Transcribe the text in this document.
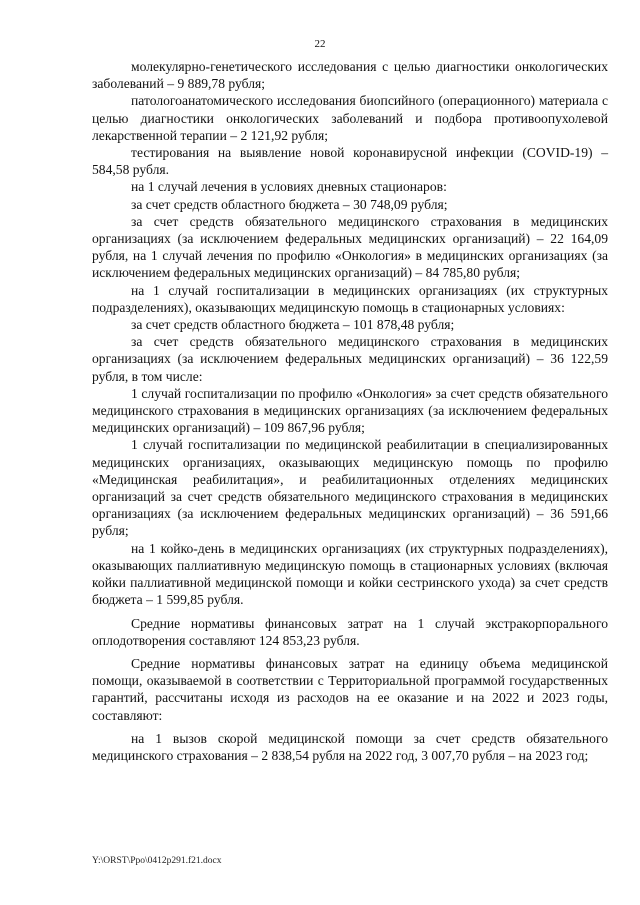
22

молекулярно-генетического исследования с целью диагностики онкологических заболеваний – 9 889,78 рубля;

патологоанатомического исследования биопсийного (операционного) материала с целью диагностики онкологических заболеваний и подбора противоопухолевой лекарственной терапии – 2 121,92 рубля;

тестирования на выявление новой коронавирусной инфекции (COVID-19) – 584,58 рубля.

на 1 случай лечения в условиях дневных стационаров:

за счет средств областного бюджета – 30 748,09 рубля;

за счет средств обязательного медицинского страхования в медицинских организациях (за исключением федеральных медицинских организаций) – 22 164,09 рубля, на 1 случай лечения по профилю «Онкология» в медицинских организациях (за исключением федеральных медицинских организаций) – 84 785,80 рубля;

на 1 случай госпитализации в медицинских организациях (их структурных подразделениях), оказывающих медицинскую помощь в стационарных условиях:

за счет средств областного бюджета – 101 878,48 рубля;

за счет средств обязательного медицинского страхования в медицинских организациях (за исключением федеральных медицинских организаций) – 36 122,59 рубля, в том числе:

1 случай госпитализации по профилю «Онкология» за счет средств обязательного медицинского страхования в медицинских организациях (за исключением федеральных медицинских организаций) – 109 867,96 рубля;

1 случай госпитализации по медицинской реабилитации в специализированных медицинских организациях, оказывающих медицинскую помощь по профилю «Медицинская реабилитация», и реабилитационных отделениях медицинских организаций за счет средств обязательного медицинского страхования в медицинских организациях (за исключением федеральных медицинских организаций) – 36 591,66 рубля;

на 1 койко-день в медицинских организациях (их структурных подразделениях), оказывающих паллиативную медицинскую помощь в стационарных условиях (включая койки паллиативной медицинской помощи и койки сестринского ухода) за счет средств бюджета – 1 599,85 рубля.

Средние нормативы финансовых затрат на 1 случай экстракорпорального оплодотворения составляют 124 853,23 рубля.

Средние нормативы финансовых затрат на единицу объема медицинской помощи, оказываемой в соответствии с Территориальной программой государственных гарантий, рассчитаны исходя из расходов на ее оказание и на 2022 и 2023 годы, составляют:

на 1 вызов скорой медицинской помощи за счет средств обязательного медицинского страхования – 2 838,54 рубля на 2022 год, 3 007,70 рубля – на 2023 год;

Y:\ORST\Ppo\0412p291.f21.docx
